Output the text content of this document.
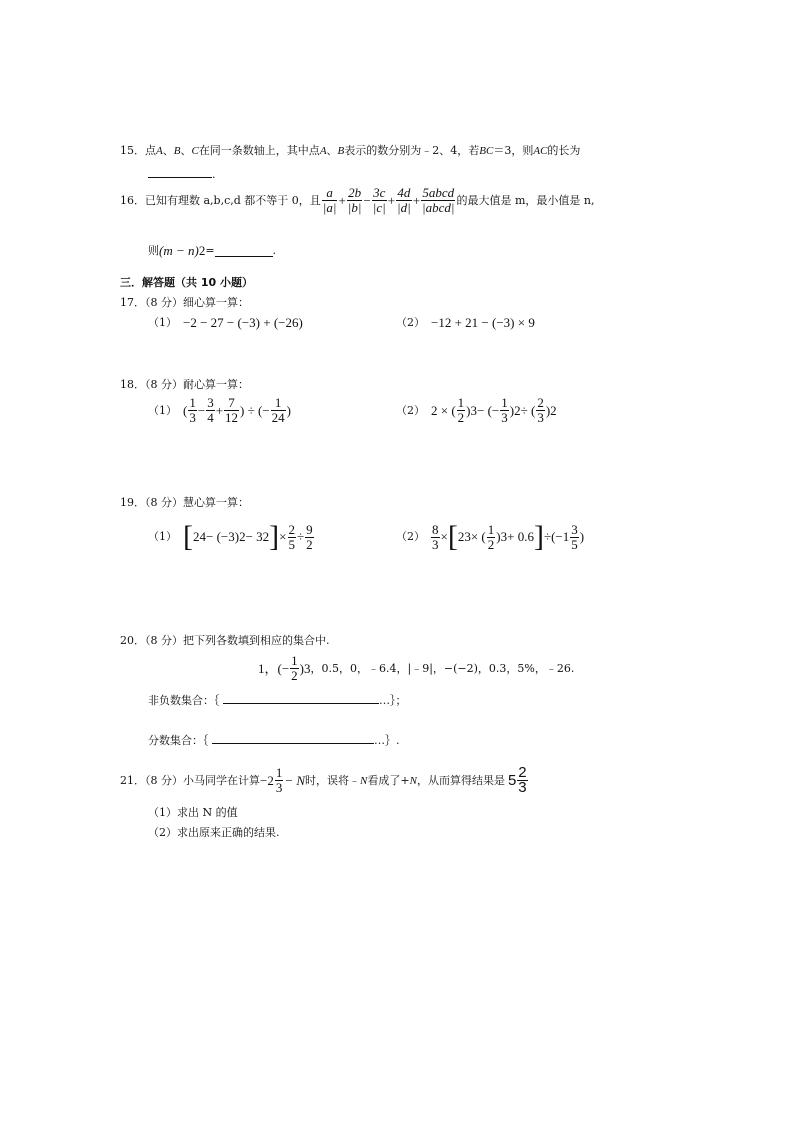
15．点A、B、C在同一条数轴上，其中点A、B表示的数分别为﹣2、4，若BC＝3，则AC的长为
.
16． 已知有理数 a,b,c,d 都不等于 0，且 $\frac{a}{|a|} + \frac{2b}{|b|} - \frac{3c}{|c|} + \frac{4d}{|d|} + \frac{\text{5abcd}}{\text{|abcd|}}$ 的最大值是 m，最小值是 n,
则 (m − n) 2 =	.
三．解答题（共 10 小题）
17．（8 分）细心算一算：
（1） −2 − 27 − (−3) + (−26)	（2） −12 + 21 − (−3) × 9
18．（8 分）耐心算一算：
（1） ( $\frac{1}{3} - \frac{3}{4} + \frac{7}{12}$ ) ÷ (− $\frac{1}{24}$ )	（2） 2 × ( $\frac{1}{2}$ ) 3 − (− $\frac{1}{3}$ ) 2 ÷ ( $\frac{2}{3}$ ) 2
19．（8 分）慧心算一算：
（1） [ 2 4 − (−3) 2 − 3 2 ] × $\frac{2}{5} \div \frac{9}{2}$	$(2) \frac{8}{3}$ × [ 2 3 × ( $\frac{1}{2}$ ) 3 + 0.6 ] $\div(-1 \frac{3}{5}$ )
20．（8 分）把下列各数填到相应的集合中.
1，(− $\frac{1}{2}$ ) 3 ，0.5，0，﹣6.4，|﹣9|，−(−2)，0.3，5%，﹣26.
非负数集合：｛	…｝；
分数集合：｛	…｝.
21．（8 分）小马同学在计算 $-2 \frac{1}{3} - N$ 时，误将﹣ N 看成了+ N ，从而算得结果是 $5 \frac{2}{3}$
（1）求出 N 的值
（2）求出原来正确的结果.
